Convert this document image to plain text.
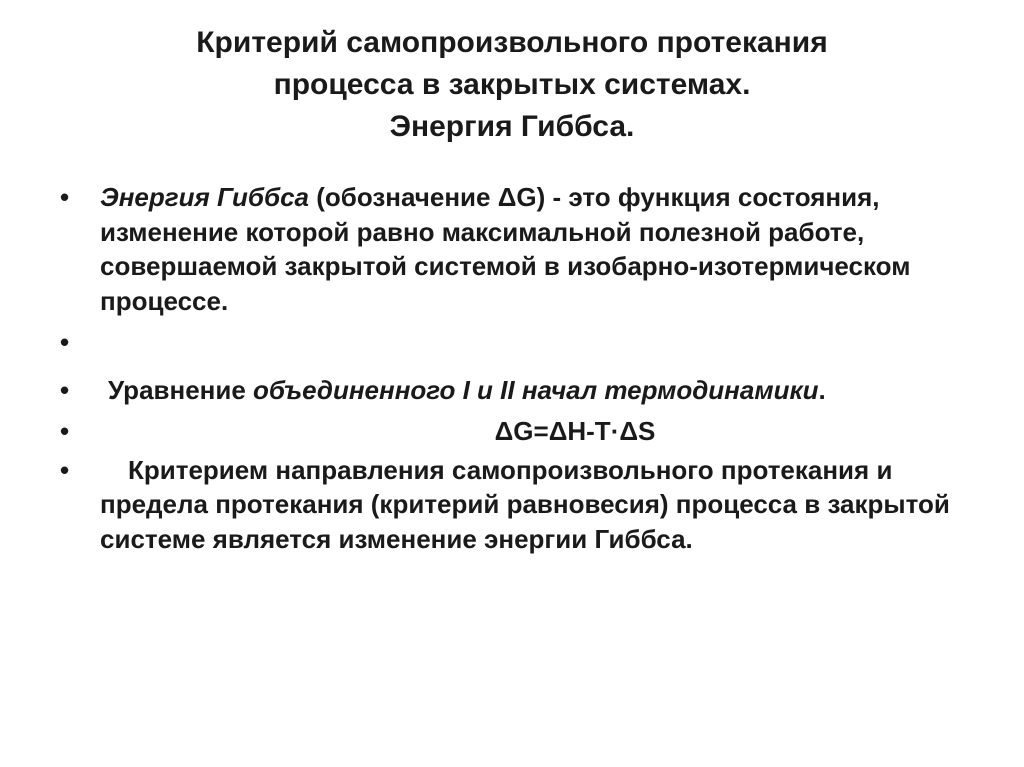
Критерий самопроизвольного протекания
процесса в закрытых системах.
Энергия Гиббса.
• Энергия Гиббса (обозначение ΔG) - это функция состояния, изменение которой равно максимальной полезной работе, совершаемой закрытой системой в изобарно-изотермическом процессе.
•
• Уравнение объединенного I и II начал термодинамики.
• ΔG=ΔH-T·ΔS
• Критерием направления самопроизвольного протекания и предела протекания (критерий равновесия) процесса в закрытой системе является изменение энергии Гиббса.
